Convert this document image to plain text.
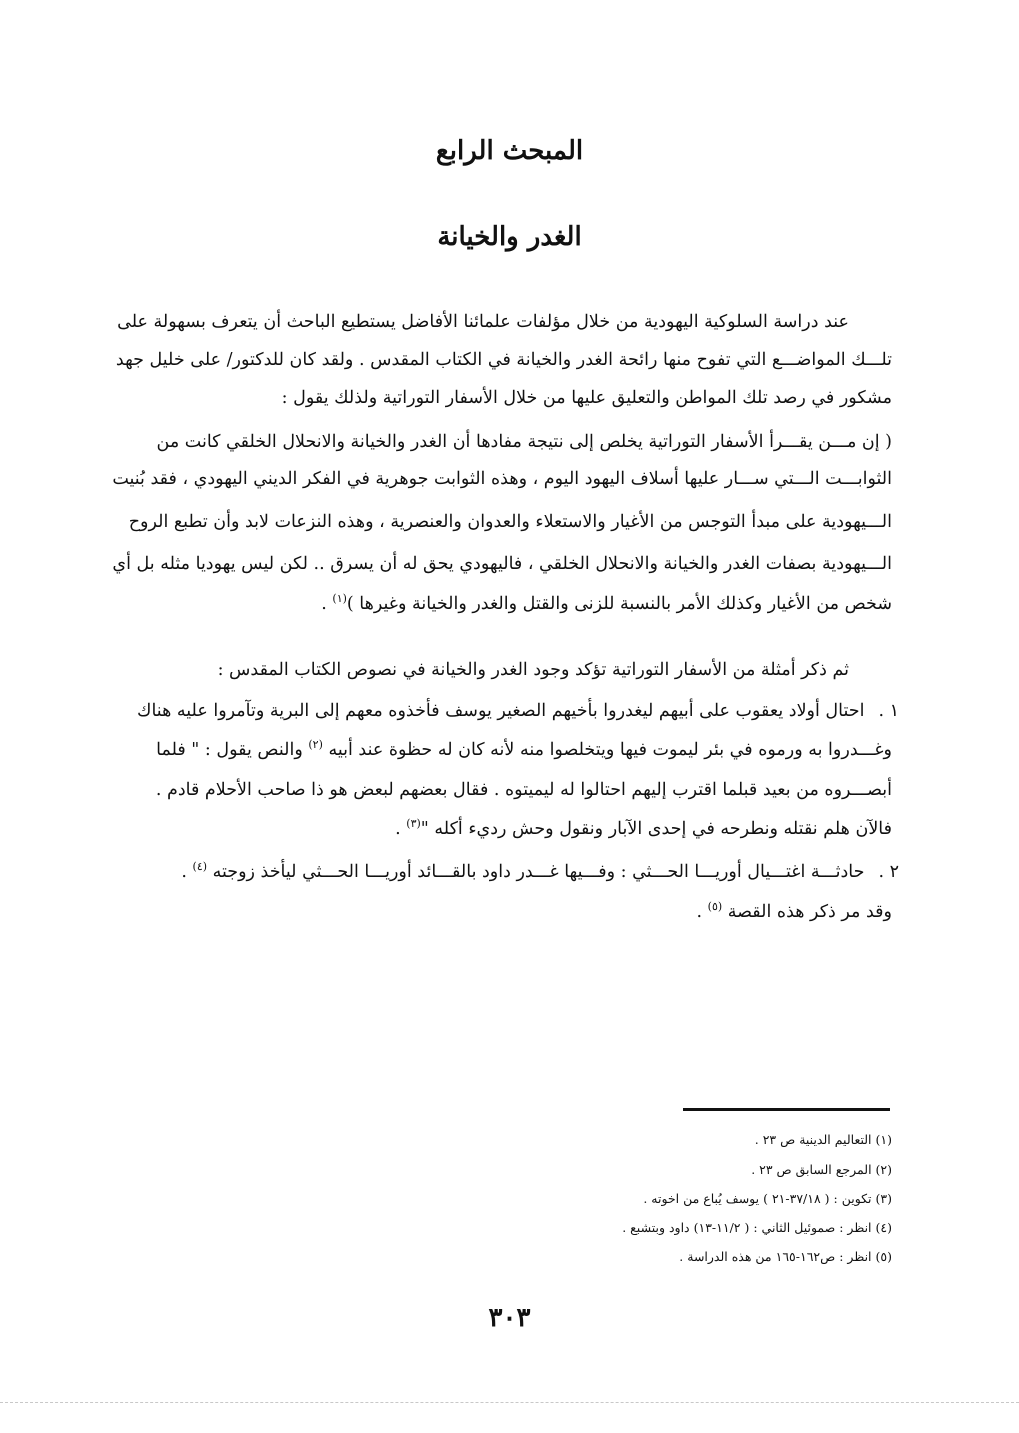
المبحث الرابع
الغدر والخيانة
عند دراسة السلوكية اليهودية من خلال مؤلفات علمائنا الأفاضل يستطيع الباحث أن يتعرف بسهولة على
تلـــك المواضـــع التي تفوح منها رائحة الغدر والخيانة في الكتاب المقدس . ولقد كان للدكتور/ على خليل جهد
مشكور في رصد تلك المواطن والتعليق عليها من خلال الأسفار التوراتية ولذلك يقول :
( إن مـــن يقـــرأ الأسفار التوراتية يخلص إلى نتيجة مفادها أن الغدر والخيانة والانحلال الخلقي كانت من
الثوابـــت الـــتي ســـار عليها أسلاف اليهود اليوم ، وهذه الثوابت جوهرية في الفكر الديني اليهودي ، فقد بُنيت
الـــيهودية على مبدأ التوجس من الأغيار والاستعلاء والعدوان والعنصرية ، وهذه النزعات لابد وأن تطبع الروح
الـــيهودية بصفات الغدر والخيانة والانحلال الخلقي ، فاليهودي يحق له أن يسرق .. لكن ليس يهوديا مثله بل أي
شخص من الأغيار وكذلك الأمر بالنسبة للزنى والقتل والغدر والخيانة وغيرها )$^{(١)}$ .
ثم ذكر أمثلة من الأسفار التوراتية تؤكد وجود الغدر والخيانة في نصوص الكتاب المقدس :
١ .احتال أولاد يعقوب على أبيهم ليغدروا بأخيهم الصغير يوسف فأخذوه معهم إلى البرية وتآمروا عليه هناك
وغـــدروا به ورموه في بئر ليموت فيها ويتخلصوا منه لأنه كان له حظوة عند أبيه $^{(٢)}$ والنص يقول : " فلما
أبصـــروه من بعيد قبلما اقترب إليهم احتالوا له ليميتوه . فقال بعضهم لبعض هو ذا صاحب الأحلام قادم .
فالآن هلم نقتله ونطرحه في إحدى الآبار ونقول وحش رديء أكله "$^{(٣)}$ .
٢ .حادثـــة اغتـــيال أوريـــا الحـــثي : وفـــيها غـــدر داود بالقـــائد أوريـــا الحـــثي ليأخذ زوجته $^{(٤)}$ .
وقد مر ذكر هذه القصة $^{(٥)}$ .
(١) التعاليم الدينية ص ٢٣ .
(٢) المرجع السابق ص ٢٣ .
(٣) تكوين : ( ٣٧/١٨-٢١ ) يوسف يُباع من اخوته .
(٤) انظر : صموئيل الثاني : ( ١١/٢-١٣) داود وبتشبع .
(٥) انظر : ص١٦٢-١٦٥ من هذه الدراسة .
٣٠٣
